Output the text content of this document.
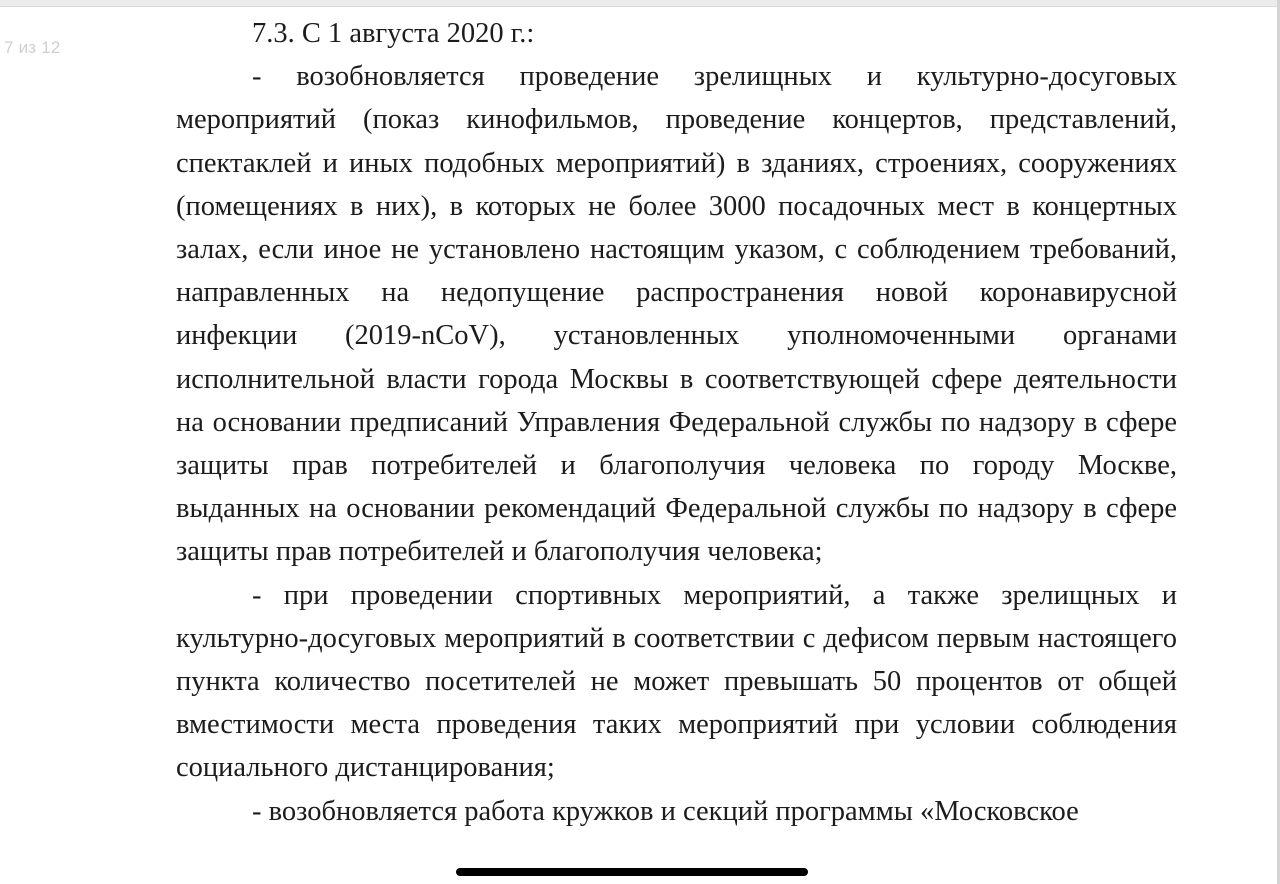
7 из 12	7.3. С 1 августа 2020 г.:

- возобновляется проведение зрелищных и культурно-досуговых мероприятий (показ кинофильмов, проведение концертов, представлений, спектаклей и иных подобных мероприятий) в зданиях, строениях, сооружениях (помещениях в них), в которых не более 3000 посадочных мест в концертных залах, если иное не установлено настоящим указом, с соблюдением требований, направленных на недопущение распространения новой коронавирусной инфекции (2019-nCoV), установленных уполномоченными органами исполнительной власти города Москвы в соответствующей сфере деятельности на основании предписаний Управления Федеральной службы по надзору в сфере защиты прав потребителей и благополучия человека по городу Москве, выданных на основании рекомендаций Федеральной службы по надзору в сфере защиты прав потребителей и благополучия человека;

- при проведении спортивных мероприятий, а также зрелищных и культурно-досуговых мероприятий в соответствии с дефисом первым настоящего пункта количество посетителей не может превышать 50 процентов от общей вместимости места проведения таких мероприятий при условии соблюдения социального дистанцирования;

- возобновляется работа кружков и секций программы «Московское
